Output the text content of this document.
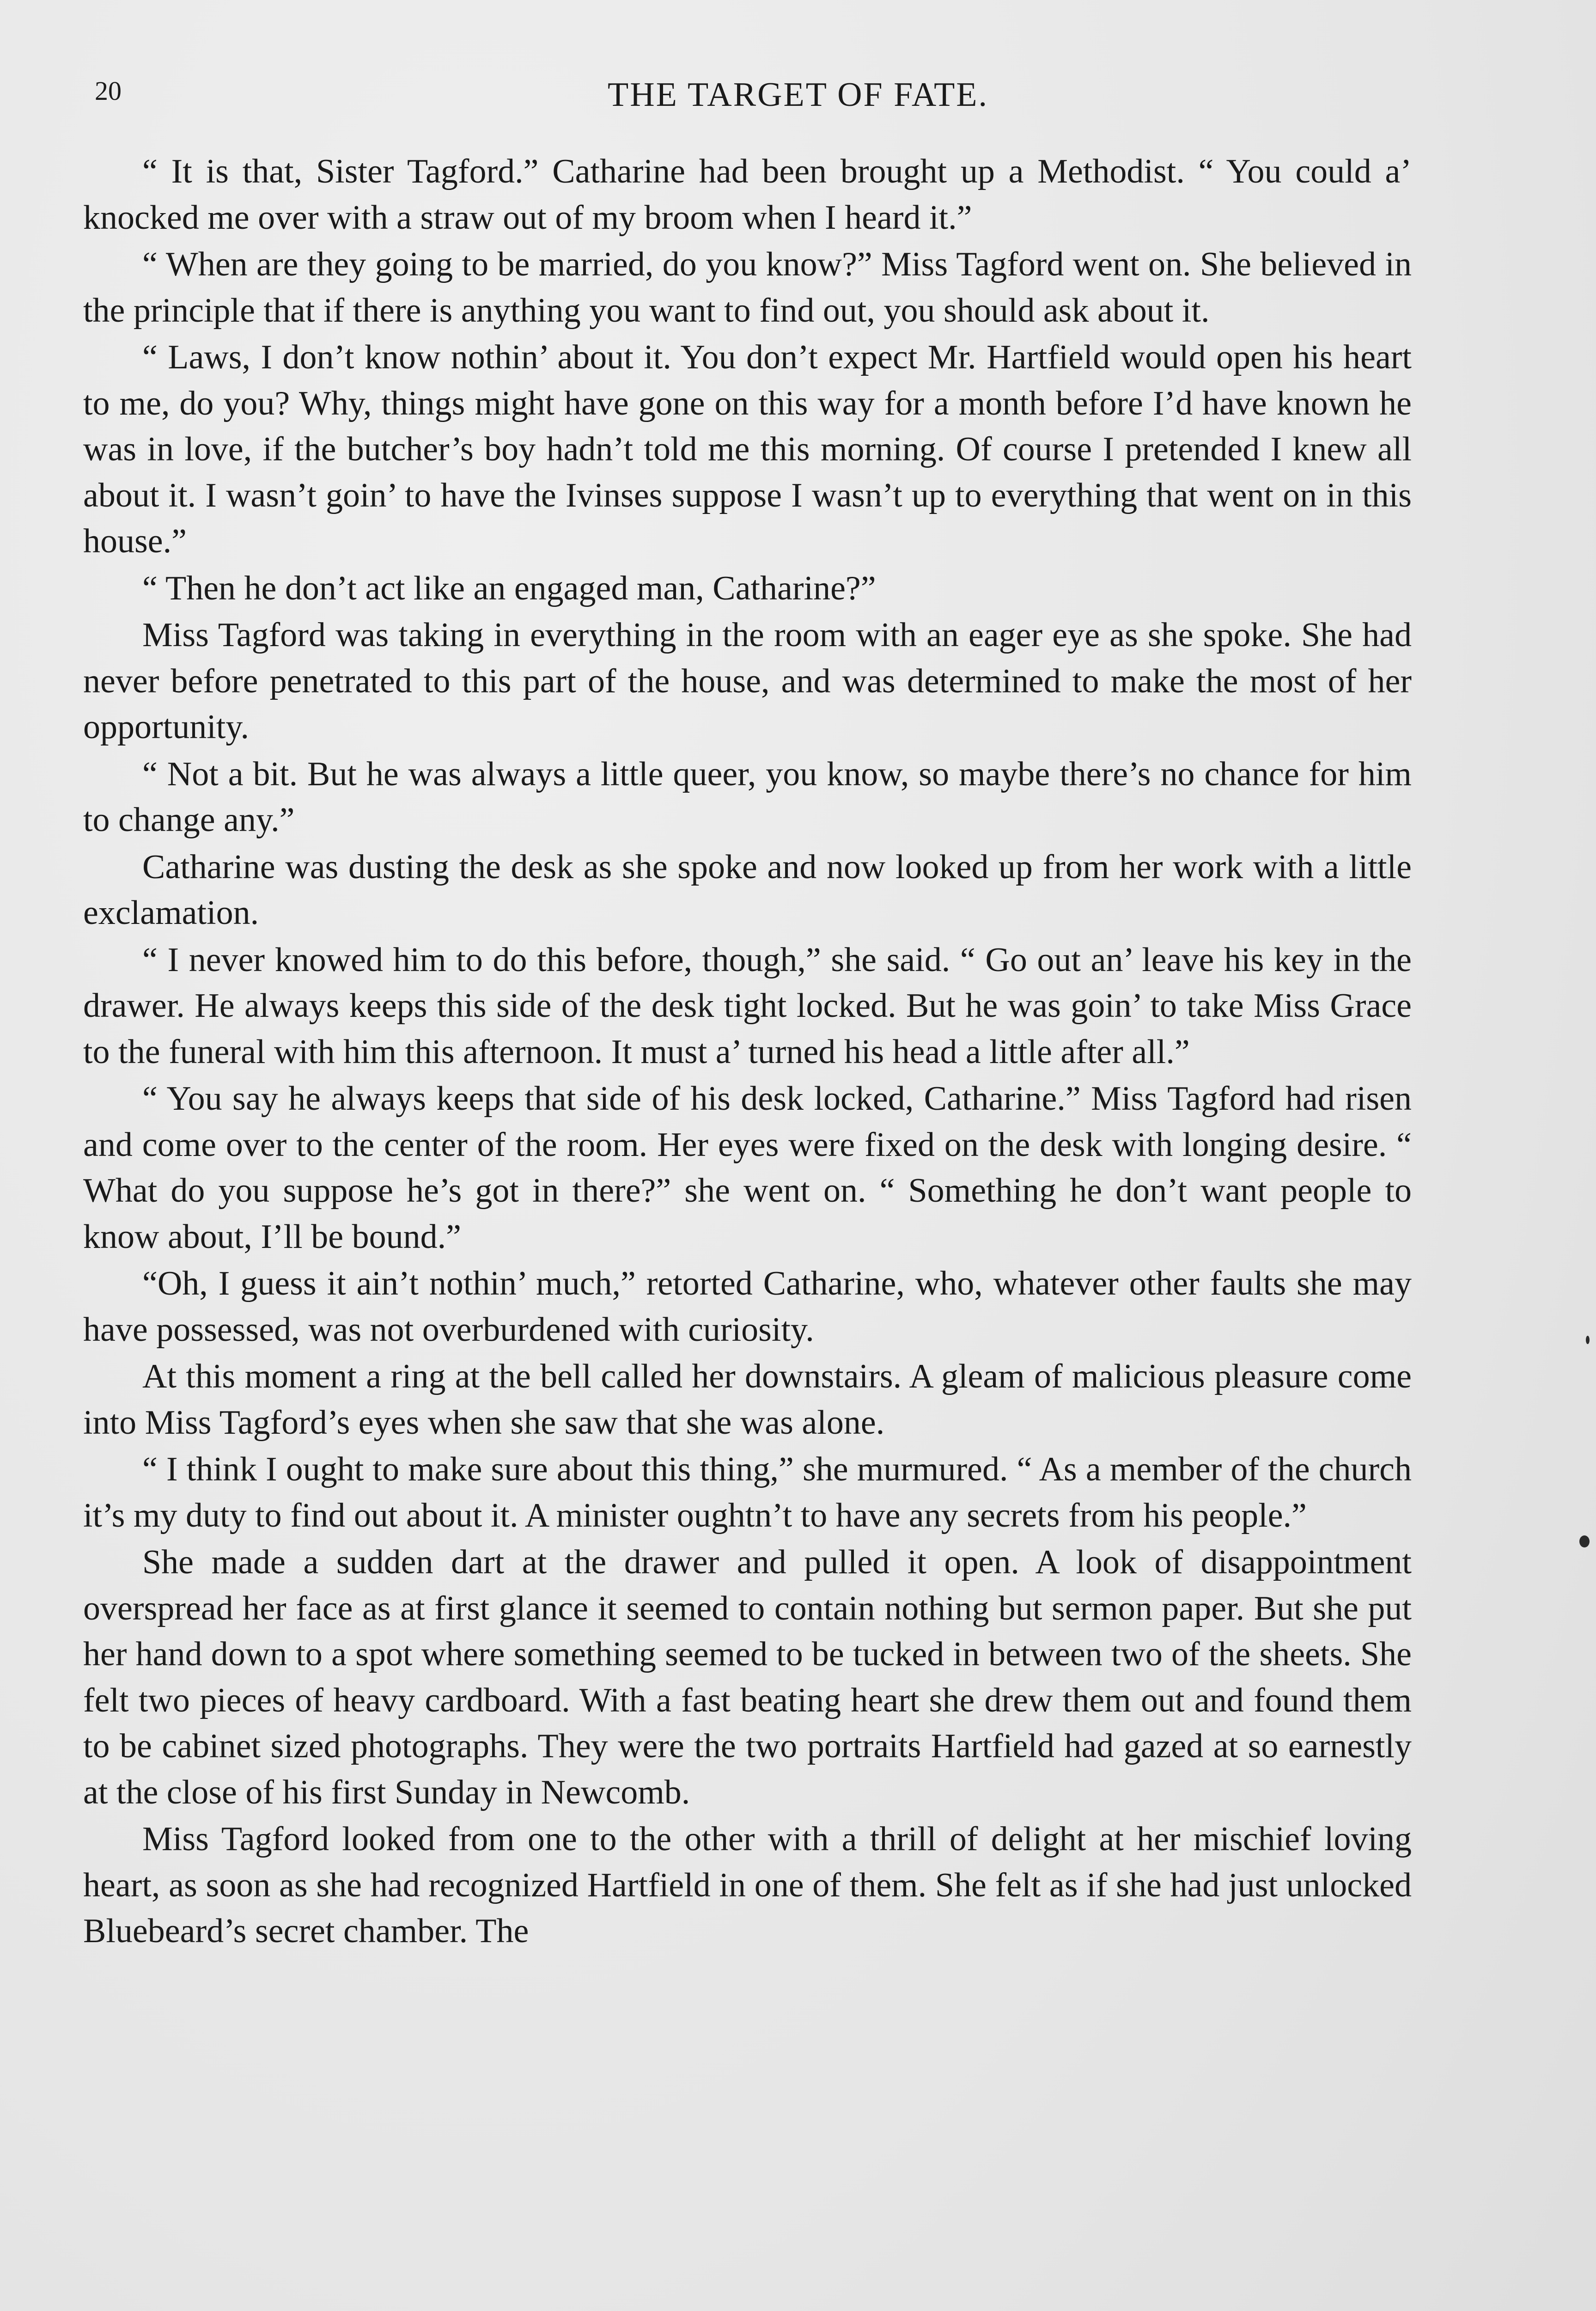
20	THE TARGET OF FATE.

“ It is that, Sister Tagford.” Catharine had been brought up a Methodist. “ You could a’ knocked me over with a straw out of my broom when I heard it.”

“ When are they going to be married, do you know?” Miss Tagford went on. She believed in the principle that if there is anything you want to find out, you should ask about it.

“ Laws, I don’t know nothin’ about it. You don’t expect Mr. Hartfield would open his heart to me, do you? Why, things might have gone on this way for a month before I’d have known he was in love, if the butcher’s boy hadn’t told me this morning. Of course I pretended I knew all about it. I wasn’t goin’ to have the Ivinses suppose I wasn’t up to everything that went on in this house.”

“ Then he don’t act like an engaged man, Catharine?”

Miss Tagford was taking in everything in the room with an eager eye as she spoke. She had never before penetrated to this part of the house, and was determined to make the most of her opportunity.

“ Not a bit. But he was always a little queer, you know, so maybe there’s no chance for him to change any.”

Catharine was dusting the desk as she spoke and now looked up from her work with a little exclamation.

“ I never knowed him to do this before, though,” she said. “ Go out an’ leave his key in the drawer. He always keeps this side of the desk tight locked. But he was goin’ to take Miss Grace to the funeral with him this afternoon. It must a’ turned his head a little after all.”

“ You say he always keeps that side of his desk locked, Catharine.” Miss Tagford had risen and come over to the center of the room. Her eyes were fixed on the desk with longing desire. “ What do you suppose he’s got in there?” she went on. “ Something he don’t want people to know about, I’ll be bound.”

“Oh, I guess it ain’t nothin’ much,” retorted Catharine, who, whatever other faults she may have possessed, was not overburdened with curiosity.

At this moment a ring at the bell called her downstairs. A gleam of malicious pleasure come into Miss Tagford’s eyes when she saw that she was alone.

“ I think I ought to make sure about this thing,” she murmured. “ As a member of the church it’s my duty to find out about it. A minister oughtn’t to have any secrets from his people.”

She made a sudden dart at the drawer and pulled it open. A look of disappointment overspread her face as at first glance it seemed to contain nothing but sermon paper. But she put her hand down to a spot where something seemed to be tucked in between two of the sheets. She felt two pieces of heavy cardboard. With a fast beating heart she drew them out and found them to be cabinet sized photographs. They were the two portraits Hartfield had gazed at so earnestly at the close of his first Sunday in Newcomb.

Miss Tagford looked from one to the other with a thrill of delight at her mischief loving heart, as soon as she had recognized Hartfield in one of them. She felt as if she had just unlocked Bluebeard’s secret chamber. The
